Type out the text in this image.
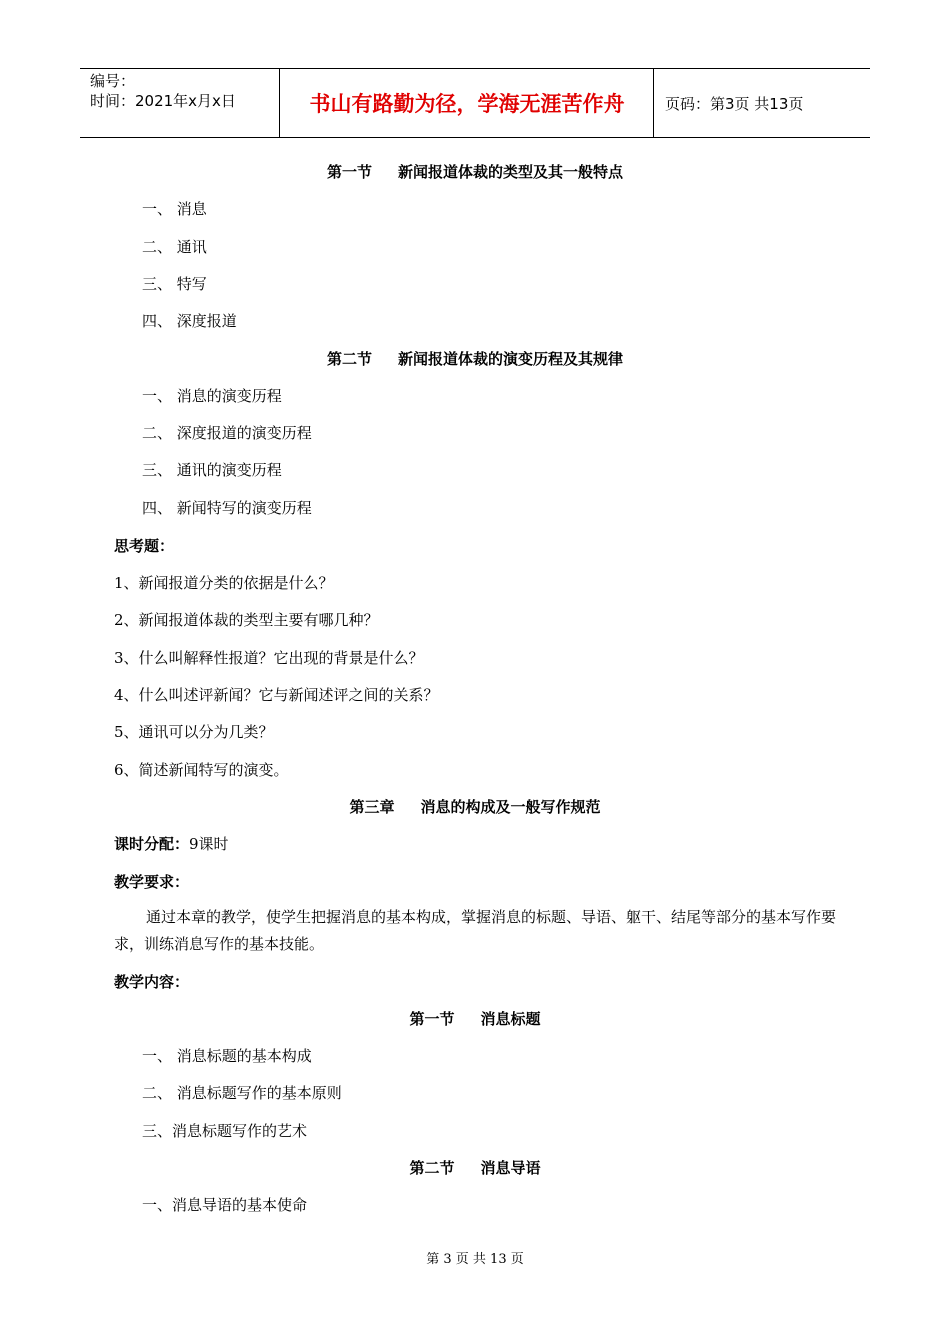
编号：
时间：2021年x月x日	书山有路勤为径，学海无涯苦作舟	页码：第3页 共13页
第一节 新闻报道体裁的类型及其一般特点
一、 消息
二、 通讯
三、 特写
四、 深度报道
第二节 新闻报道体裁的演变历程及其规律
一、 消息的演变历程
二、 深度报道的演变历程
三、 通讯的演变历程
四、 新闻特写的演变历程
思考题：
1、新闻报道分类的依据是什么？
2、新闻报道体裁的类型主要有哪几种？
3、什么叫解释性报道？它出现的背景是什么？
4、什么叫述评新闻？它与新闻述评之间的关系？
5、通讯可以分为几类？
6、简述新闻特写的演变。
第三章 消息的构成及一般写作规范
课时分配：9课时
教学要求：
通过本章的教学，使学生把握消息的基本构成，掌握消息的标题、导语、躯干、结尾等部分的基本写作要求，训练消息写作的基本技能。
教学内容：
第一节 消息标题
一、 消息标题的基本构成
二、 消息标题写作的基本原则
三、消息标题写作的艺术
第二节 消息导语
一、消息导语的基本使命
第 3 页 共 13 页
